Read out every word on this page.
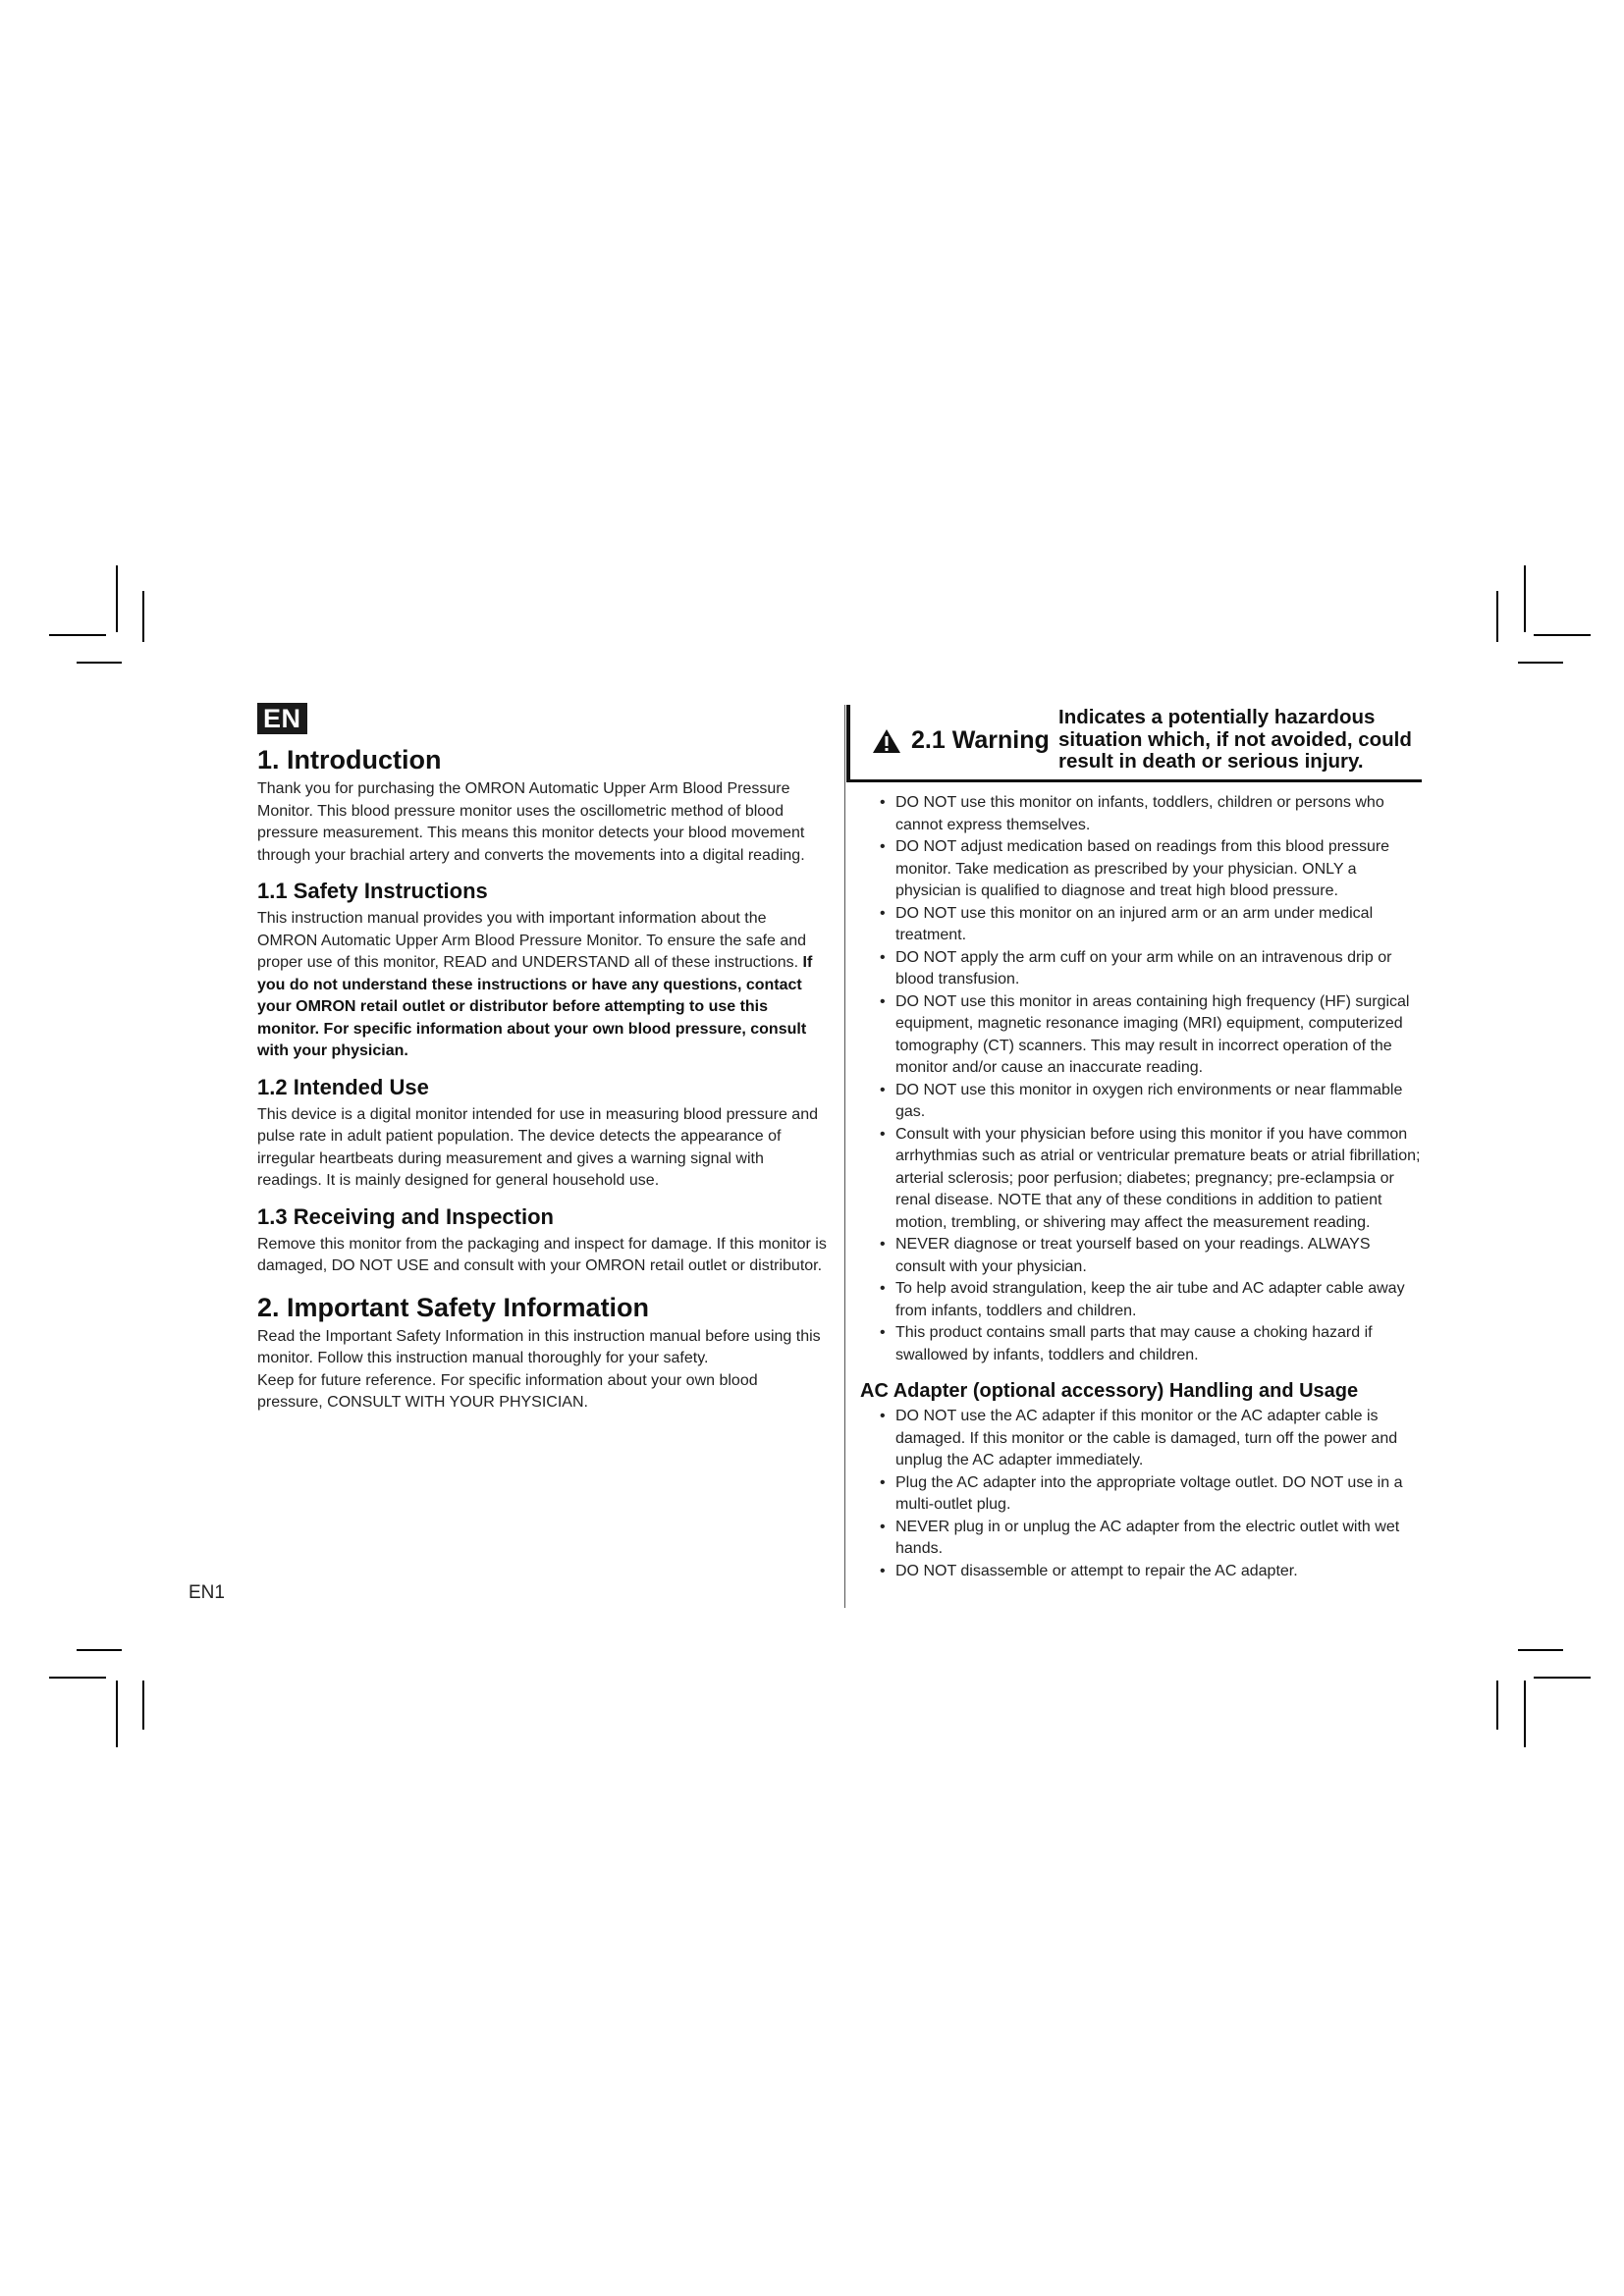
EN
1. Introduction

Thank you for purchasing the OMRON Automatic Upper Arm Blood Pressure Monitor. This blood pressure monitor uses the oscillometric method of blood pressure measurement. This means this monitor detects your blood movement through your brachial artery and converts the movements into a digital reading.

1.1 Safety Instructions

This instruction manual provides you with important information about the OMRON Automatic Upper Arm Blood Pressure Monitor. To ensure the safe and proper use of this monitor, READ and UNDERSTAND all of these instructions. If you do not understand these instructions or have any questions, contact your OMRON retail outlet or distributor before attempting to use this monitor. For specific information about your own blood pressure, consult with your physician.

1.2 Intended Use

This device is a digital monitor intended for use in measuring blood pressure and pulse rate in adult patient population. The device detects the appearance of irregular heartbeats during measurement and gives a warning signal with readings. It is mainly designed for general household use.

1.3 Receiving and Inspection

Remove this monitor from the packaging and inspect for damage. If this monitor is damaged, DO NOT USE and consult with your OMRON retail outlet or distributor.

2. Important Safety Information

Read the Important Safety Information in this instruction manual before using this monitor. Follow this instruction manual thoroughly for your safety.

Keep for future reference. For specific information about your own blood pressure, CONSULT WITH YOUR PHYSICIAN.

EN1
2.1 Warning
Indicates a potentially hazardous
situation which, if not avoided, could
result in death or serious injury.
• DO NOT use this monitor on infants, toddlers, children or persons who cannot express themselves.
• DO NOT adjust medication based on readings from this blood pressure monitor. Take medication as prescribed by your physician. ONLY a physician is qualified to diagnose and treat high blood pressure.
• DO NOT use this monitor on an injured arm or an arm under medical treatment.
• DO NOT apply the arm cuff on your arm while on an intravenous drip or blood transfusion.
• DO NOT use this monitor in areas containing high frequency (HF) surgical equipment, magnetic resonance imaging (MRI) equipment, computerized tomography (CT) scanners. This may result in incorrect operation of the monitor and/or cause an inaccurate reading.
• DO NOT use this monitor in oxygen rich environments or near flammable gas.
• Consult with your physician before using this monitor if you have common arrhythmias such as atrial or ventricular premature beats or atrial fibrillation; arterial sclerosis; poor perfusion; diabetes; pregnancy; pre-eclampsia or renal disease. NOTE that any of these conditions in addition to patient motion, trembling, or shivering may affect the measurement reading.
• NEVER diagnose or treat yourself based on your readings. ALWAYS consult with your physician.
• To help avoid strangulation, keep the air tube and AC adapter cable away from infants, toddlers and children.
• This product contains small parts that may cause a choking hazard if swallowed by infants, toddlers and children.
AC Adapter (optional accessory) Handling and Usage
• DO NOT use the AC adapter if this monitor or the AC adapter cable is damaged. If this monitor or the cable is damaged, turn off the power and unplug the AC adapter immediately.
• Plug the AC adapter into the appropriate voltage outlet. DO NOT use in a multi-outlet plug.
• NEVER plug in or unplug the AC adapter from the electric outlet with wet hands.
• DO NOT disassemble or attempt to repair the AC adapter.
